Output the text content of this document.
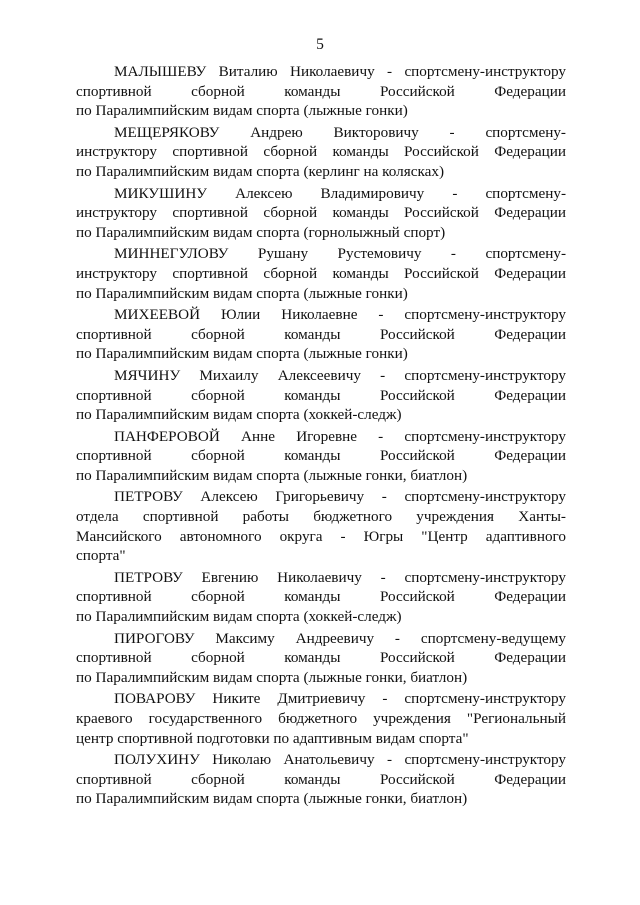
5
МАЛЫШЕВУ Виталию Николаевичу - спортсмену-инструктору
спортивной сборной команды Российской Федерации
по Паралимпийским видам спорта (лыжные гонки)
МЕЩЕРЯКОВУ Андрею Викторовичу - спортсмену-
инструктору спортивной сборной команды Российской Федерации
по Паралимпийским видам спорта (керлинг на колясках)
МИКУШИНУ Алексею Владимировичу - спортсмену-
инструктору спортивной сборной команды Российской Федерации
по Паралимпийским видам спорта (горнолыжный спорт)
МИННЕГУЛОВУ Рушану Рустемовичу - спортсмену-
инструктору спортивной сборной команды Российской Федерации
по Паралимпийским видам спорта (лыжные гонки)
МИХЕЕВОЙ Юлии Николаевне - спортсмену-инструктору
спортивной сборной команды Российской Федерации
по Паралимпийским видам спорта (лыжные гонки)
МЯЧИНУ Михаилу Алексеевичу - спортсмену-инструктору
спортивной сборной команды Российской Федерации
по Паралимпийским видам спорта (хоккей-следж)
ПАНФЕРОВОЙ Анне Игоревне - спортсмену-инструктору
спортивной сборной команды Российской Федерации
по Паралимпийским видам спорта (лыжные гонки, биатлон)
ПЕТРОВУ Алексею Григорьевичу - спортсмену-инструктору
отдела спортивной работы бюджетного учреждения Ханты-
Мансийского автономного округа - Югры "Центр адаптивного
спорта"
ПЕТРОВУ Евгению Николаевичу - спортсмену-инструктору
спортивной сборной команды Российской Федерации
по Паралимпийским видам спорта (хоккей-следж)
ПИРОГОВУ Максиму Андреевичу - спортсмену-ведущему
спортивной сборной команды Российской Федерации
по Паралимпийским видам спорта (лыжные гонки, биатлон)
ПОВАРОВУ Никите Дмитриевичу - спортсмену-инструктору
краевого государственного бюджетного учреждения "Региональный
центр спортивной подготовки по адаптивным видам спорта"
ПОЛУХИНУ Николаю Анатольевичу - спортсмену-инструктору
спортивной сборной команды Российской Федерации
по Паралимпийским видам спорта (лыжные гонки, биатлон)
